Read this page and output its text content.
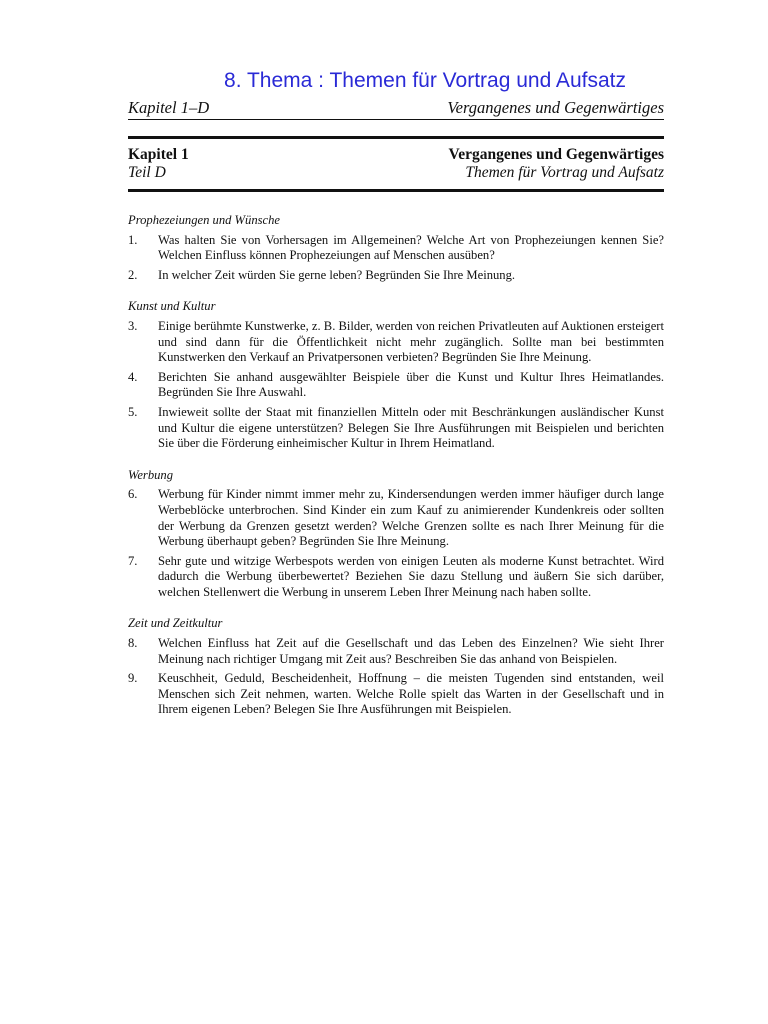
8. Thema : Themen für Vortrag und Aufsatz
Kapitel 1–D	Vergangenes und Gegenwärtiges
Kapitel 1	Vergangenes und Gegenwärtiges
Teil D	Themen für Vortrag und Aufsatz
Prophezeiungen und Wünsche
1.	Was halten Sie von Vorhersagen im Allgemeinen? Welche Art von Prophezeiungen kennen Sie? Welchen Einfluss können Prophezeiungen auf Menschen ausüben?
2.	In welcher Zeit würden Sie gerne leben? Begründen Sie Ihre Meinung.
Kunst und Kultur
3.	Einige berühmte Kunstwerke, z. B. Bilder, werden von reichen Privatleuten auf Auktionen ersteigert und sind dann für die Öffentlichkeit nicht mehr zugänglich. Sollte man bei bestimmten Kunstwerken den Verkauf an Privatpersonen verbieten? Begründen Sie Ihre Meinung.
4.	Berichten Sie anhand ausgewählter Beispiele über die Kunst und Kultur Ihres Heimatlandes. Begründen Sie Ihre Auswahl.
5.	Inwieweit sollte der Staat mit finanziellen Mitteln oder mit Beschränkungen ausländischer Kunst und Kultur die eigene unterstützen? Belegen Sie Ihre Ausführungen mit Beispielen und berichten Sie über die Förderung einheimischer Kultur in Ihrem Heimatland.
Werbung
6.	Werbung für Kinder nimmt immer mehr zu, Kindersendungen werden immer häufiger durch lange Werbeblöcke unterbrochen. Sind Kinder ein zum Kauf zu animierender Kundenkreis oder sollten der Werbung da Grenzen gesetzt werden? Welche Grenzen sollte es nach Ihrer Meinung für die Werbung überhaupt geben? Begründen Sie Ihre Meinung.
7.	Sehr gute und witzige Werbespots werden von einigen Leuten als moderne Kunst betrachtet. Wird dadurch die Werbung überbewertet? Beziehen Sie dazu Stellung und äußern Sie sich darüber, welchen Stellenwert die Werbung in unserem Leben Ihrer Meinung nach haben sollte.
Zeit und Zeitkultur
8.	Welchen Einfluss hat Zeit auf die Gesellschaft und das Leben des Einzelnen? Wie sieht Ihrer Meinung nach richtiger Umgang mit Zeit aus? Beschreiben Sie das anhand von Beispielen.
9.	Keuschheit, Geduld, Bescheidenheit, Hoffnung – die meisten Tugenden sind entstanden, weil Menschen sich Zeit nehmen, warten. Welche Rolle spielt das Warten in der Gesellschaft und in Ihrem eigenen Leben? Belegen Sie Ihre Ausführungen mit Beispielen.
